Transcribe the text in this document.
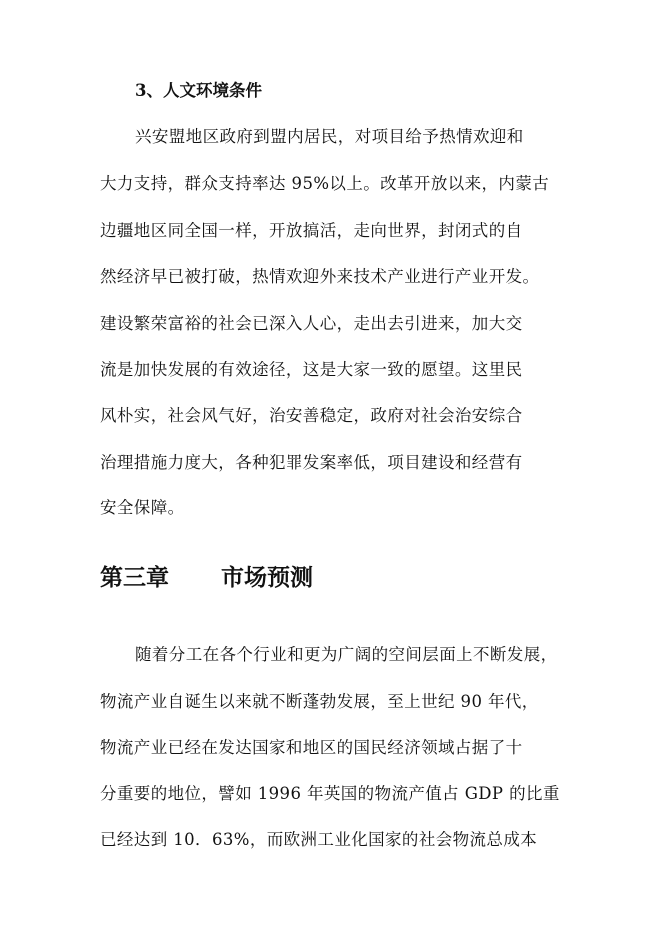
3、人文环境条件
兴安盟地区政府到盟内居民，对项目给予热情欢迎和
大力支持，群众支持率达 95%以上。改革开放以来，内蒙古
边疆地区同全国一样，开放搞活，走向世界，封闭式的自
然经济早已被打破，热情欢迎外来技术产业进行产业开发。
建设繁荣富裕的社会已深入人心，走出去引进来，加大交
流是加快发展的有效途径，这是大家一致的愿望。这里民
风朴实，社会风气好，治安善稳定，政府对社会治安综合
治理措施力度大，各种犯罪发案率低，项目建设和经营有
安全保障。
第三章 市场预测
随着分工在各个行业和更为广阔的空间层面上不断发展，
物流产业自诞生以来就不断蓬勃发展，至上世纪 90 年代，
物流产业已经在发达国家和地区的国民经济领域占据了十
分重要的地位，譬如 1996 年英国的物流产值占 GDP 的比重
已经达到 10．63%，而欧洲工业化国家的社会物流总成本
